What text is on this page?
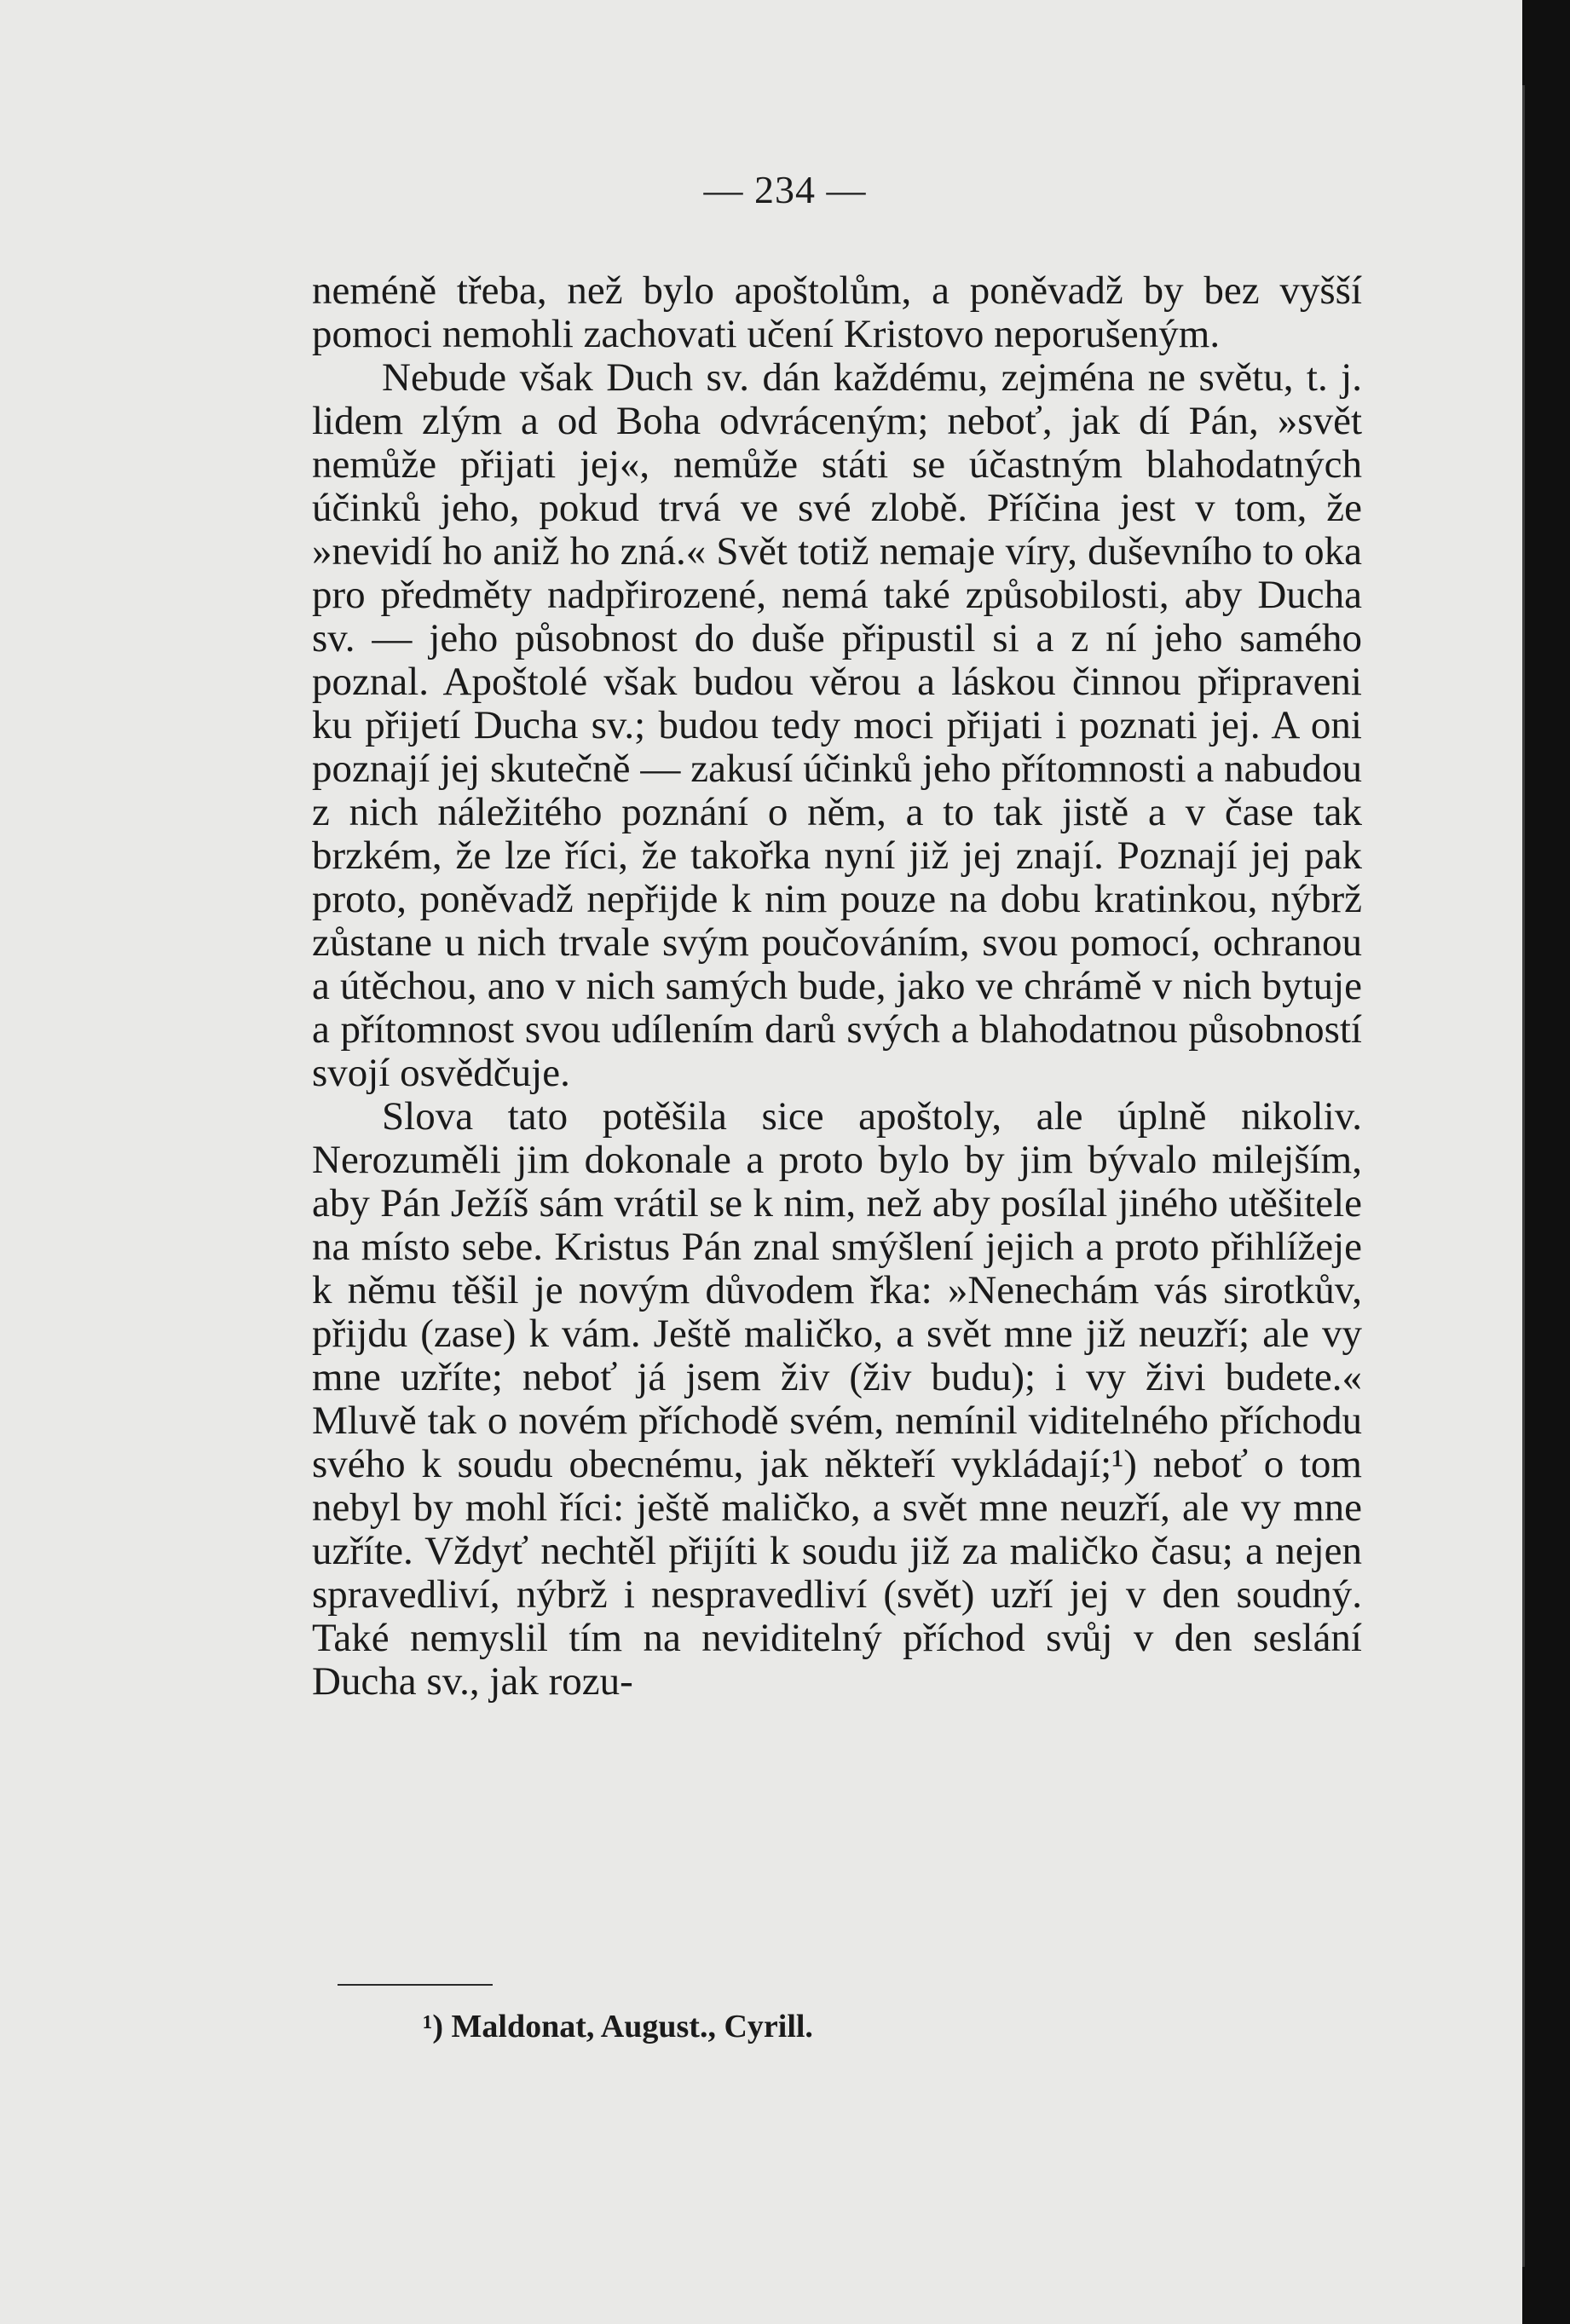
— 234 —

neméně třeba, než bylo apoštolům, a poněvadž by bez vyšší pomoci nemohli zachovati učení Kristovo neporušeným.

Nebude však Duch sv. dán každému, zejména ne světu, t. j. lidem zlým a od Boha odvráceným; neboť, jak dí Pán, »svět nemůže přijati jej«, nemůže státi se účastným blahodatných účinků jeho, pokud trvá ve své zlobě. Příčina jest v tom, že »nevidí ho aniž ho zná.« Svět totiž nemaje víry, duševního to oka pro předměty nadpřirozené, nemá také způsobilosti, aby Ducha sv. — jeho působnost do duše připustil si a z ní jeho samého poznal. Apoštolé však budou věrou a láskou činnou připraveni ku přijetí Ducha sv.; budou tedy moci přijati i poznati jej. A oni poznají jej skutečně — zakusí účinků jeho přítomnosti a nabudou z nich náležitého poznání o něm, a to tak jistě a v čase tak brzkém, že lze říci, že takořka nyní již jej znají. Poznají jej pak proto, poněvadž nepřijde k nim pouze na dobu kratinkou, nýbrž zůstane u nich trvale svým poučováním, svou pomocí, ochranou a útěchou, ano v nich samých bude, jako ve chrámě v nich bytuje a přítomnost svou udílením darů svých a blahodatnou působností svojí osvědčuje.

Slova tato potěšila sice apoštoly, ale úplně nikoliv. Nerozuměli jim dokonale a proto bylo by jim bývalo milejším, aby Pán Ježíš sám vrátil se k nim, než aby posílal jiného utěšitele na místo sebe. Kristus Pán znal smýšlení jejich a proto přihlížeje k němu těšil je novým důvodem řka: »Nenechám vás sirotkův, přijdu (zase) k vám. Ještě maličko, a svět mne již neuzří; ale vy mne uzříte; neboť já jsem živ (živ budu); i vy živi budete.« Mluvě tak o novém příchodě svém, nemínil viditelného příchodu svého k soudu obecnému, jak někteří vykládají;¹) neboť o tom nebyl by mohl říci: ještě maličko, a svět mne neuzří, ale vy mne uzříte. Vždyť nechtěl přijíti k soudu již za maličko času; a nejen spravedliví, nýbrž i nespravedliví (svět) uzří jej v den soudný. Také nemyslil tím na neviditelný příchod svůj v den seslání Ducha sv., jak rozu-

¹) Maldonat, August., Cyrill.
